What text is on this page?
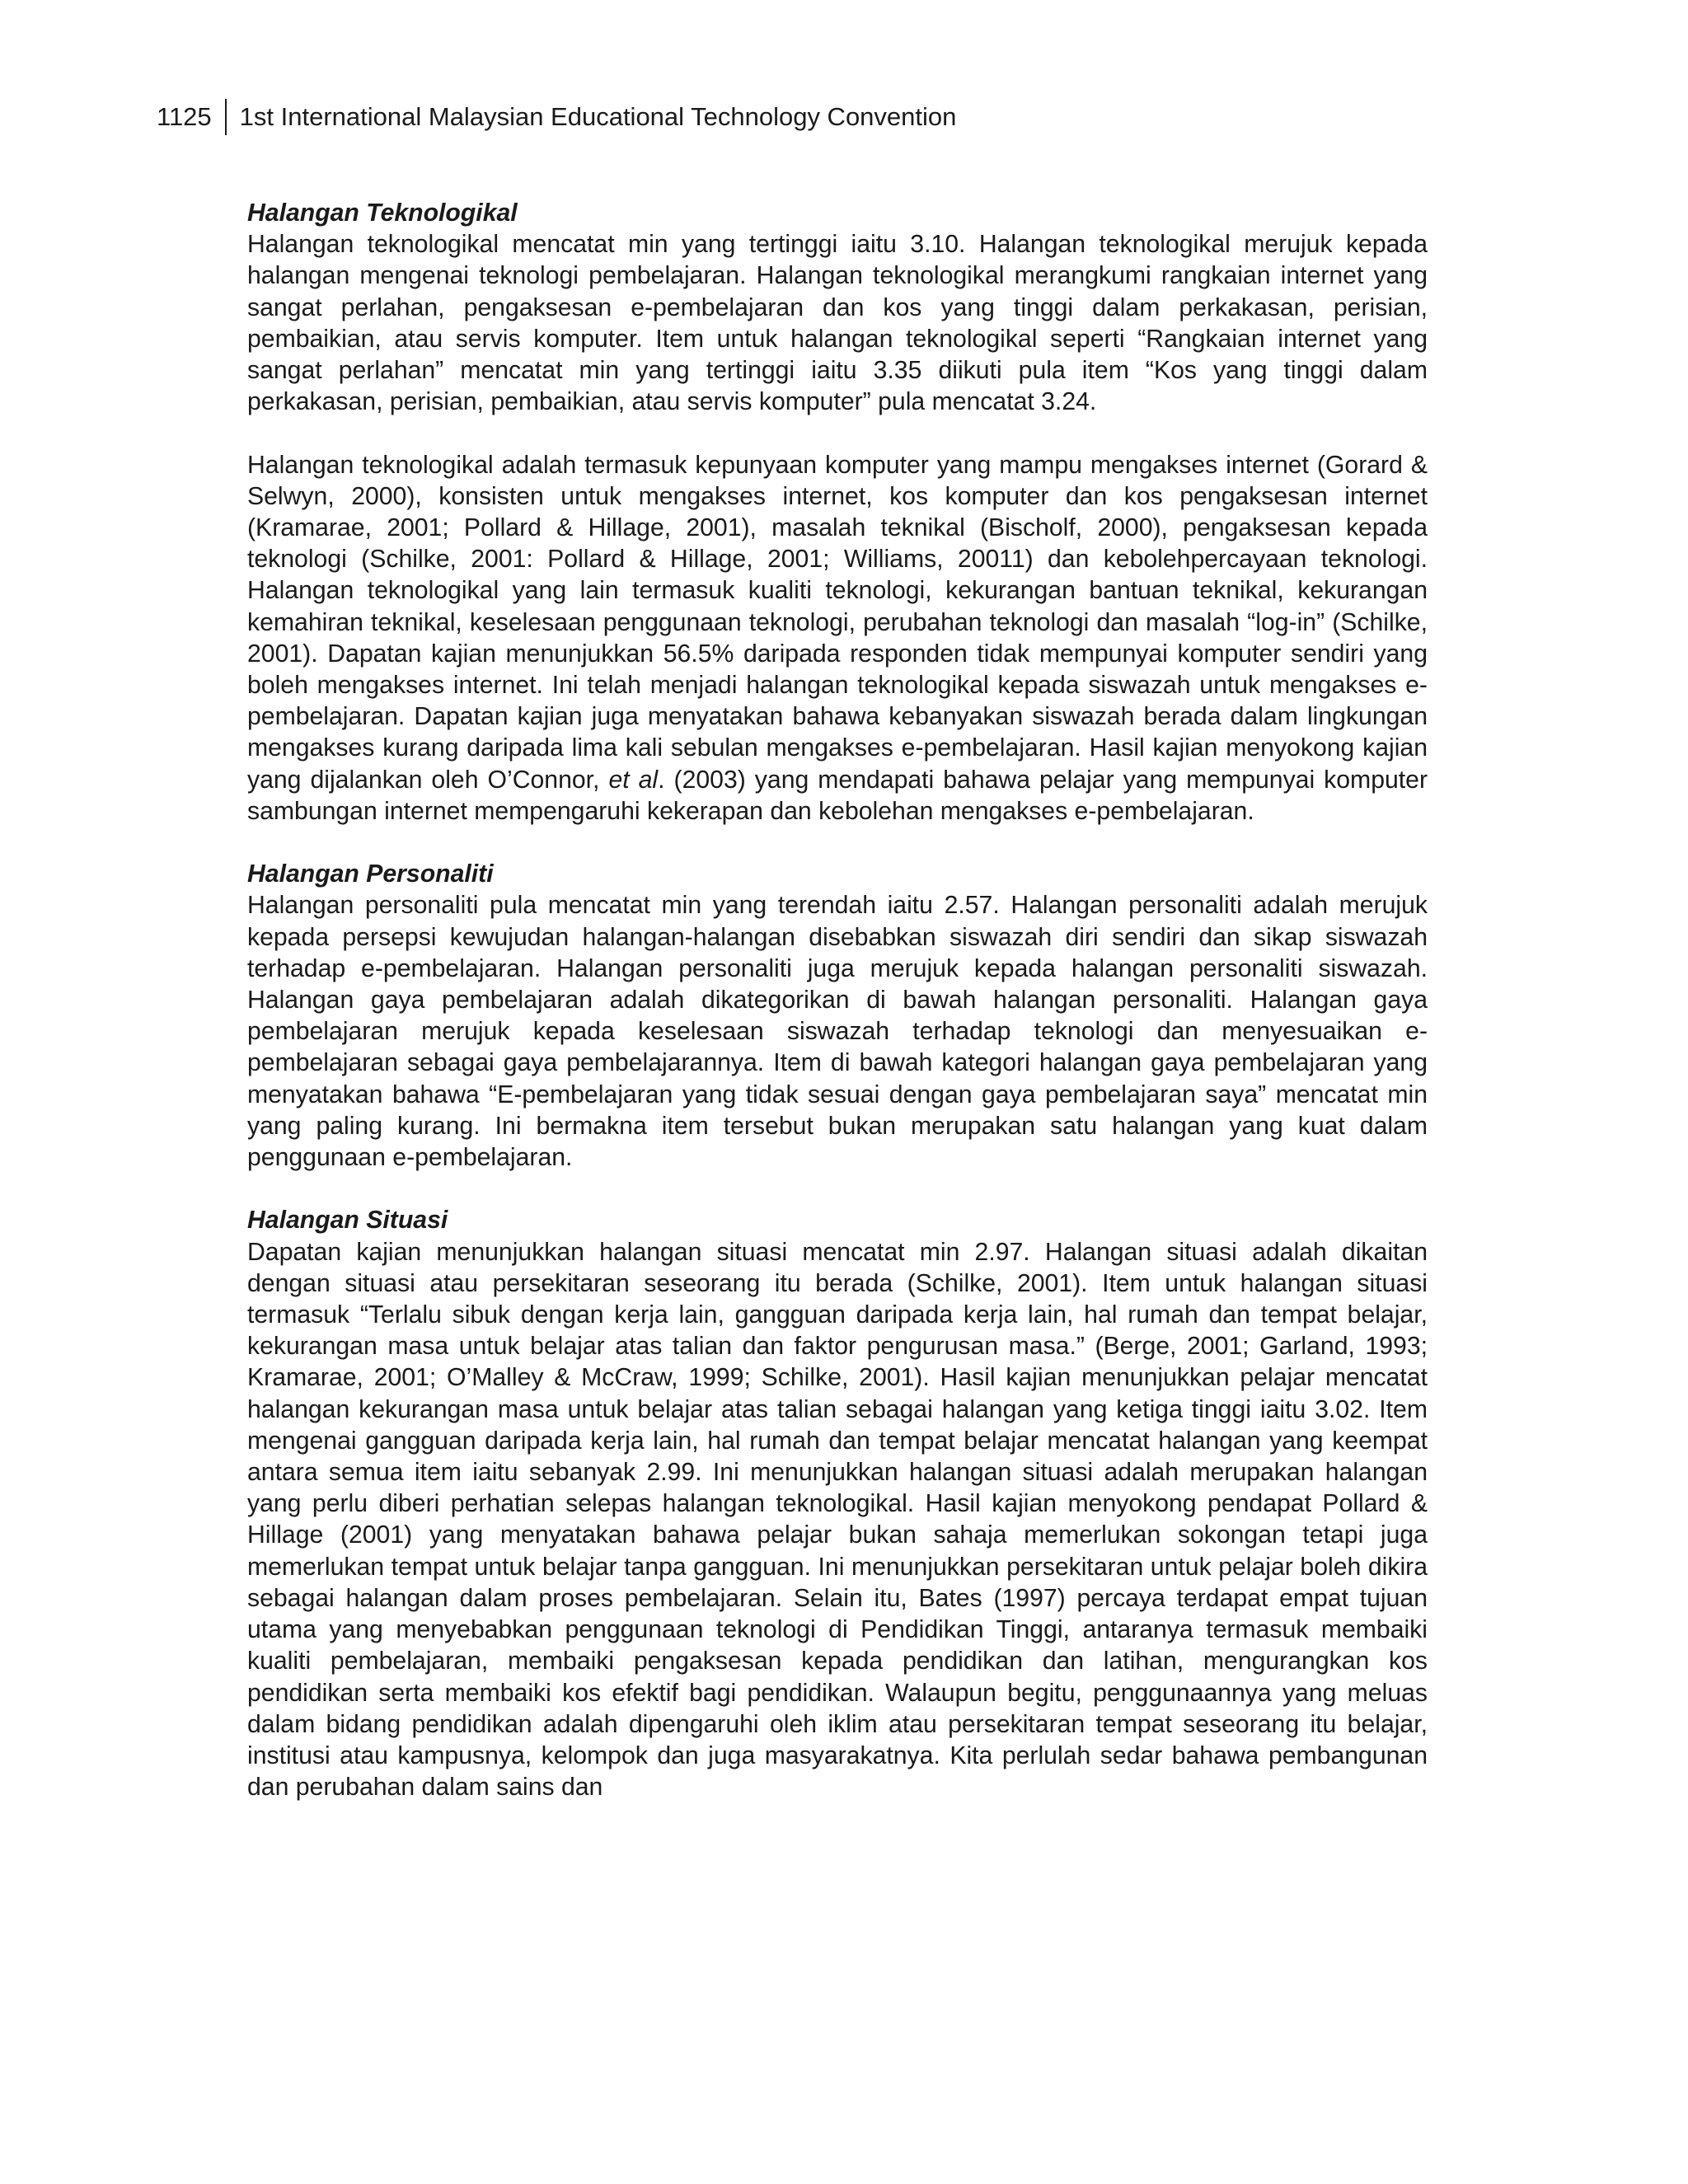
1125	1st International Malaysian Educational Technology Convention

Halangan Teknologikal

Halangan teknologikal mencatat min yang tertinggi iaitu 3.10. Halangan teknologikal merujuk kepada halangan mengenai teknologi pembelajaran. Halangan teknologikal merangkumi rangkaian internet yang sangat perlahan, pengaksesan e-pembelajaran dan kos yang tinggi dalam perkakasan, perisian, pembaikian, atau servis komputer. Item untuk halangan teknologikal seperti “Rangkaian internet yang sangat perlahan” mencatat min yang tertinggi iaitu 3.35 diikuti pula item “Kos yang tinggi dalam perkakasan, perisian, pembaikian, atau servis komputer” pula mencatat 3.24.

Halangan teknologikal adalah termasuk kepunyaan komputer yang mampu mengakses internet (Gorard & Selwyn, 2000), konsisten untuk mengakses internet, kos komputer dan kos pengaksesan internet (Kramarae, 2001; Pollard & Hillage, 2001), masalah teknikal (Bischolf, 2000), pengaksesan kepada teknologi (Schilke, 2001: Pollard & Hillage, 2001; Williams, 20011) dan kebolehpercayaan teknologi. Halangan teknologikal yang lain termasuk kualiti teknologi, kekurangan bantuan teknikal, kekurangan kemahiran teknikal, keselesaan penggunaan teknologi, perubahan teknologi dan masalah “log-in” (Schilke, 2001). Dapatan kajian menunjukkan 56.5% daripada responden tidak mempunyai komputer sendiri yang boleh mengakses internet. Ini telah menjadi halangan teknologikal kepada siswazah untuk mengakses e-pembelajaran. Dapatan kajian juga menyatakan bahawa kebanyakan siswazah berada dalam lingkungan mengakses kurang daripada lima kali sebulan mengakses e-pembelajaran. Hasil kajian menyokong kajian yang dijalankan oleh O’Connor, et al. (2003) yang mendapati bahawa pelajar yang mempunyai komputer sambungan internet mempengaruhi kekerapan dan kebolehan mengakses e-pembelajaran.

Halangan Personaliti

Halangan personaliti pula mencatat min yang terendah iaitu 2.57. Halangan personaliti adalah merujuk kepada persepsi kewujudan halangan-halangan disebabkan siswazah diri sendiri dan sikap siswazah terhadap e-pembelajaran. Halangan personaliti juga merujuk kepada halangan personaliti siswazah. Halangan gaya pembelajaran adalah dikategorikan di bawah halangan personaliti. Halangan gaya pembelajaran merujuk kepada keselesaan siswazah terhadap teknologi dan menyesuaikan e-pembelajaran sebagai gaya pembelajarannya. Item di bawah kategori halangan gaya pembelajaran yang menyatakan bahawa “E-pembelajaran yang tidak sesuai dengan gaya pembelajaran saya” mencatat min yang paling kurang. Ini bermakna item tersebut bukan merupakan satu halangan yang kuat dalam penggunaan e-pembelajaran.

Halangan Situasi

Dapatan kajian menunjukkan halangan situasi mencatat min 2.97. Halangan situasi adalah dikaitan dengan situasi atau persekitaran seseorang itu berada (Schilke, 2001). Item untuk halangan situasi termasuk “Terlalu sibuk dengan kerja lain, gangguan daripada kerja lain, hal rumah dan tempat belajar, kekurangan masa untuk belajar atas talian dan faktor pengurusan masa.” (Berge, 2001; Garland, 1993; Kramarae, 2001; O’Malley & McCraw, 1999; Schilke, 2001). Hasil kajian menunjukkan pelajar mencatat halangan kekurangan masa untuk belajar atas talian sebagai halangan yang ketiga tinggi iaitu 3.02. Item mengenai gangguan daripada kerja lain, hal rumah dan tempat belajar mencatat halangan yang keempat antara semua item iaitu sebanyak 2.99. Ini menunjukkan halangan situasi adalah merupakan halangan yang perlu diberi perhatian selepas halangan teknologikal. Hasil kajian menyokong pendapat Pollard & Hillage (2001) yang menyatakan bahawa pelajar bukan sahaja memerlukan sokongan tetapi juga memerlukan tempat untuk belajar tanpa gangguan. Ini menunjukkan persekitaran untuk pelajar boleh dikira sebagai halangan dalam proses pembelajaran. Selain itu, Bates (1997) percaya terdapat empat tujuan utama yang menyebabkan penggunaan teknologi di Pendidikan Tinggi, antaranya termasuk membaiki kualiti pembelajaran, membaiki pengaksesan kepada pendidikan dan latihan, mengurangkan kos pendidikan serta membaiki kos efektif bagi pendidikan. Walaupun begitu, penggunaannya yang meluas dalam bidang pendidikan adalah dipengaruhi oleh iklim atau persekitaran tempat seseorang itu belajar, institusi atau kampusnya, kelompok dan juga masyarakatnya. Kita perlulah sedar bahawa pembangunan dan perubahan dalam sains dan
